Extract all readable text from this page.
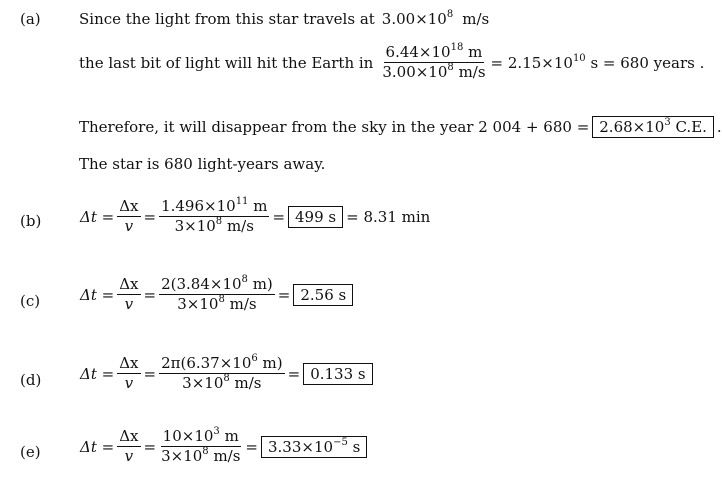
(a)	Since the light from this star travels at $3.00\times 10^8$ m/s
the last bit of light will hit the Earth in $\frac{6.44\times 10^{18} m}{3.00\times 10^8 m/s} = 2.15\times 10^{10}$ s = 680 years .
Therefore, it will disappear from the sky in the year 2 $004 + 680 = 2.68\times 10^3$ C.E. .
The star is 680 light-years away.
(b)	$\Delta t = \frac{\Delta x}{v} = \frac{1.496\times 10^{11} m}{3\times 10^8 m/s} = 499$ s = 8.31 min
(c)	$\Delta t = \frac{\Delta x}{v} = \frac{2(3.84\times 10^8 m)}{3\times 10^8 m/s} = 2.56$ s
(d)	$\Delta t = \frac{\Delta x}{v} = \frac{2\pi(6.37\times 10^6 m)}{3\times 10^8 m/s} = 0.133$ s
(e)	$\Delta t = \frac{\Delta x}{v} = \frac{10\times 10^3 m}{3\times 10^8 m/s} = 3.33\times 10^{-5}$ s
